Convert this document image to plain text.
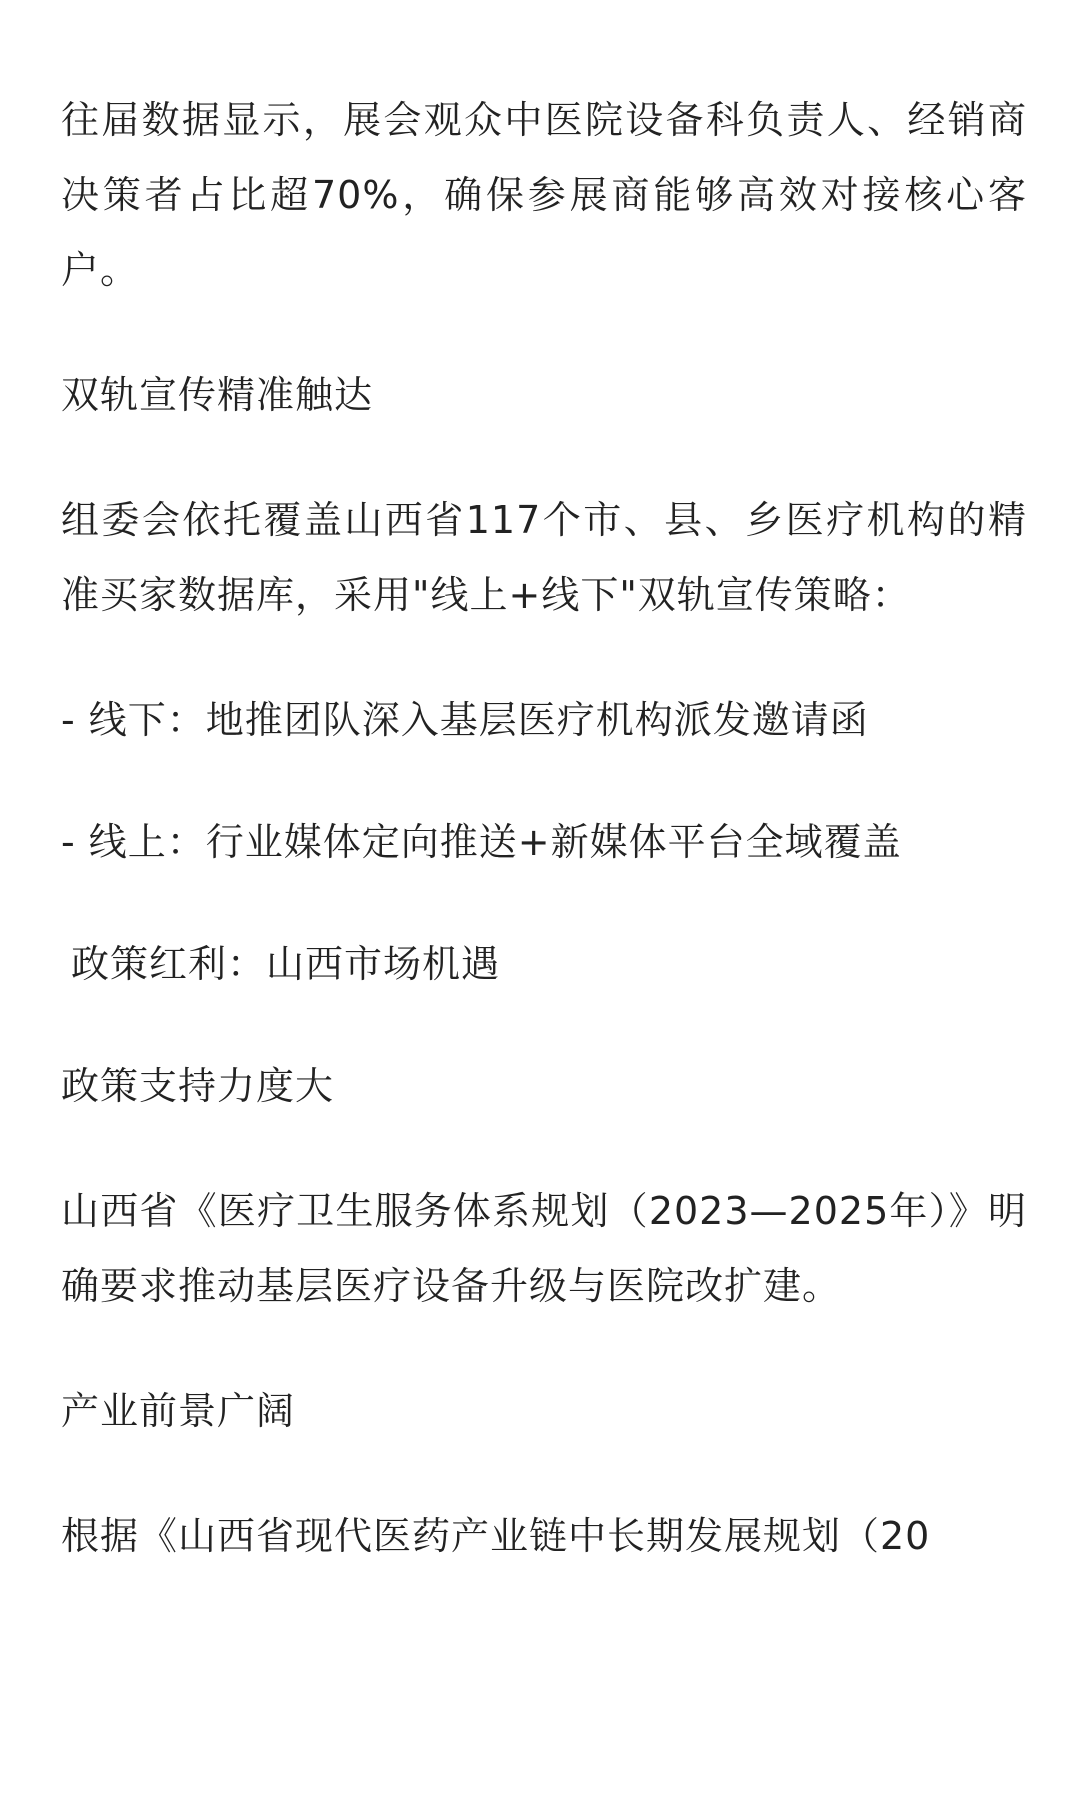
往届数据显示，展会观众中医院设备科负责人、经销商决策者占比超70%，确保参展商能够高效对接核心客户。

双轨宣传精准触达

组委会依托覆盖山西省117个市、县、乡医疗机构的精准买家数据库，采用"线上+线下"双轨宣传策略：

- 线下：地推团队深入基层医疗机构派发邀请函

- 线上：行业媒体定向推送+新媒体平台全域覆盖

政策红利：山西市场机遇

政策支持力度大

山西省《医疗卫生服务体系规划（2023—2025年）》明确要求推动基层医疗设备升级与医院改扩建。

产业前景广阔

根据《山西省现代医药产业链中长期发展规划（20
